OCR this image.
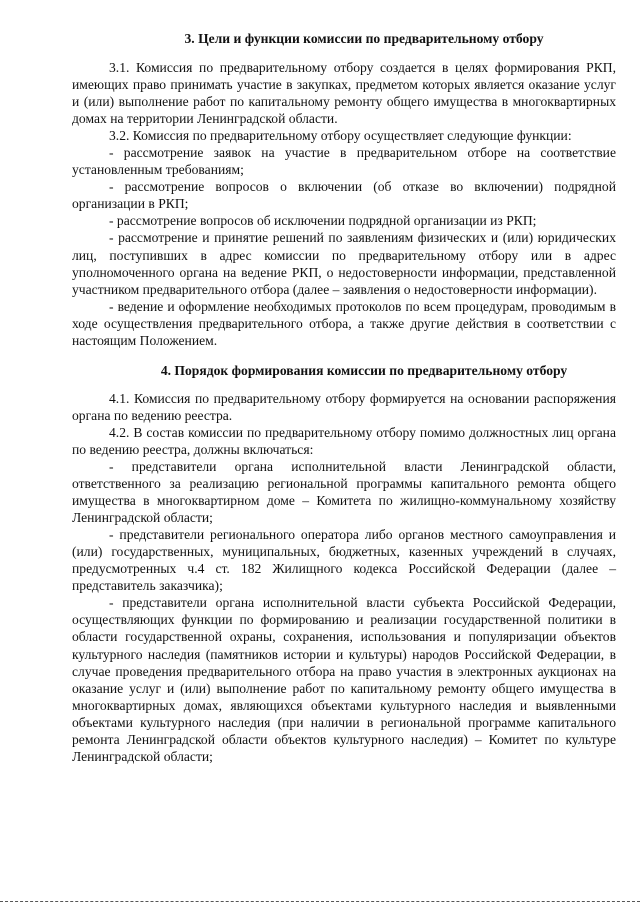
3. Цели и функции комиссии по предварительному отбору

3.1. Комиссия по предварительному отбору создается в целях формирования РКП, имеющих право принимать участие в закупках, предметом которых является оказание услуг и (или) выполнение работ по капитальному ремонту общего имущества в многоквартирных домах на территории Ленинградской области.

3.2. Комиссия по предварительному отбору осуществляет следующие функции:

- рассмотрение заявок на участие в предварительном отборе на соответствие установленным требованиям;

- рассмотрение вопросов о включении (об отказе во включении) подрядной организации в РКП;

- рассмотрение вопросов об исключении подрядной организации из РКП;

- рассмотрение и принятие решений по заявлениям физических и (или) юридических лиц, поступивших в адрес комиссии по предварительному отбору или в адрес уполномоченного органа на ведение РКП, о недостоверности информации, представленной участником предварительного отбора (далее – заявления о недостоверности информации).

- ведение и оформление необходимых протоколов по всем процедурам, проводимым в ходе осуществления предварительного отбора, а также другие действия в соответствии с настоящим Положением.

4. Порядок формирования комиссии по предварительному отбору

4.1. Комиссия по предварительному отбору формируется на основании распоряжения органа по ведению реестра.

4.2. В состав комиссии по предварительному отбору помимо должностных лиц органа по ведению реестра, должны включаться:

- представители органа исполнительной власти Ленинградской области, ответственного за реализацию региональной программы капитального ремонта общего имущества в многоквартирном доме – Комитета по жилищно-коммунальному хозяйству Ленинградской области;

- представители регионального оператора либо органов местного самоуправления и (или) государственных, муниципальных, бюджетных, казенных учреждений в случаях, предусмотренных ч.4 ст. 182 Жилищного кодекса Российской Федерации (далее – представитель заказчика);

- представители органа исполнительной власти субъекта Российской Федерации, осуществляющих функции по формированию и реализации государственной политики в области государственной охраны, сохранения, использования и популяризации объектов культурного наследия (памятников истории и культуры) народов Российской Федерации, в случае проведения предварительного отбора на право участия в электронных аукционах на оказание услуг и (или) выполнение работ по капитальному ремонту общего имущества в многоквартирных домах, являющихся объектами культурного наследия и выявленными объектами культурного наследия (при наличии в региональной программе капитального ремонта Ленинградской области объектов культурного наследия) – Комитет по культуре Ленинградской области;
